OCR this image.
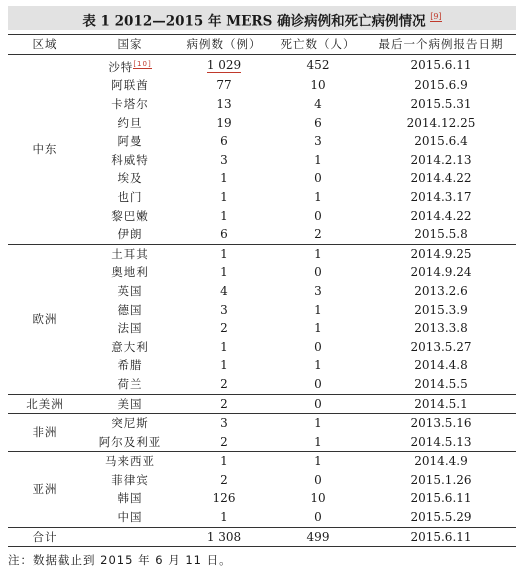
表 1 2012—2015 年 MERS 确诊病例和死亡病例情况 [9]
区域	国家	病例数（例）	死亡数（人）	最后一个病例报告日期
中东	沙特[10]	1 029	452	2015.6.11
	阿联酋	77	10	2015.6.9
	卡塔尔	13	4	2015.5.31
	约旦	19	6	2014.12.25
	阿曼	6	3	2015.6.4
	科威特	3	1	2014.2.13
	埃及	1	0	2014.4.22
	也门	1	1	2014.3.17
	黎巴嫩	1	0	2014.4.22
	伊朗	6	2	2015.5.8
欧洲	土耳其	1	1	2014.9.25
	奥地利	1	0	2014.9.24
	英国	4	3	2013.2.6
	德国	3	1	2015.3.9
	法国	2	1	2013.3.8
	意大利	1	0	2013.5.27
	希腊	1	1	2014.4.8
	荷兰	2	0	2014.5.5
北美洲	美国	2	0	2014.5.1
非洲	突尼斯	3	1	2013.5.16
	阿尔及利亚	2	1	2014.5.13
亚洲	马来西亚	1	1	2014.4.9
	菲律宾	2	0	2015.1.26
	韩国	126	10	2015.6.11
	中国	1	0	2015.5.29
合计		1 308	499	2015.6.11
注：数据截止到 2015 年 6 月 11 日。
